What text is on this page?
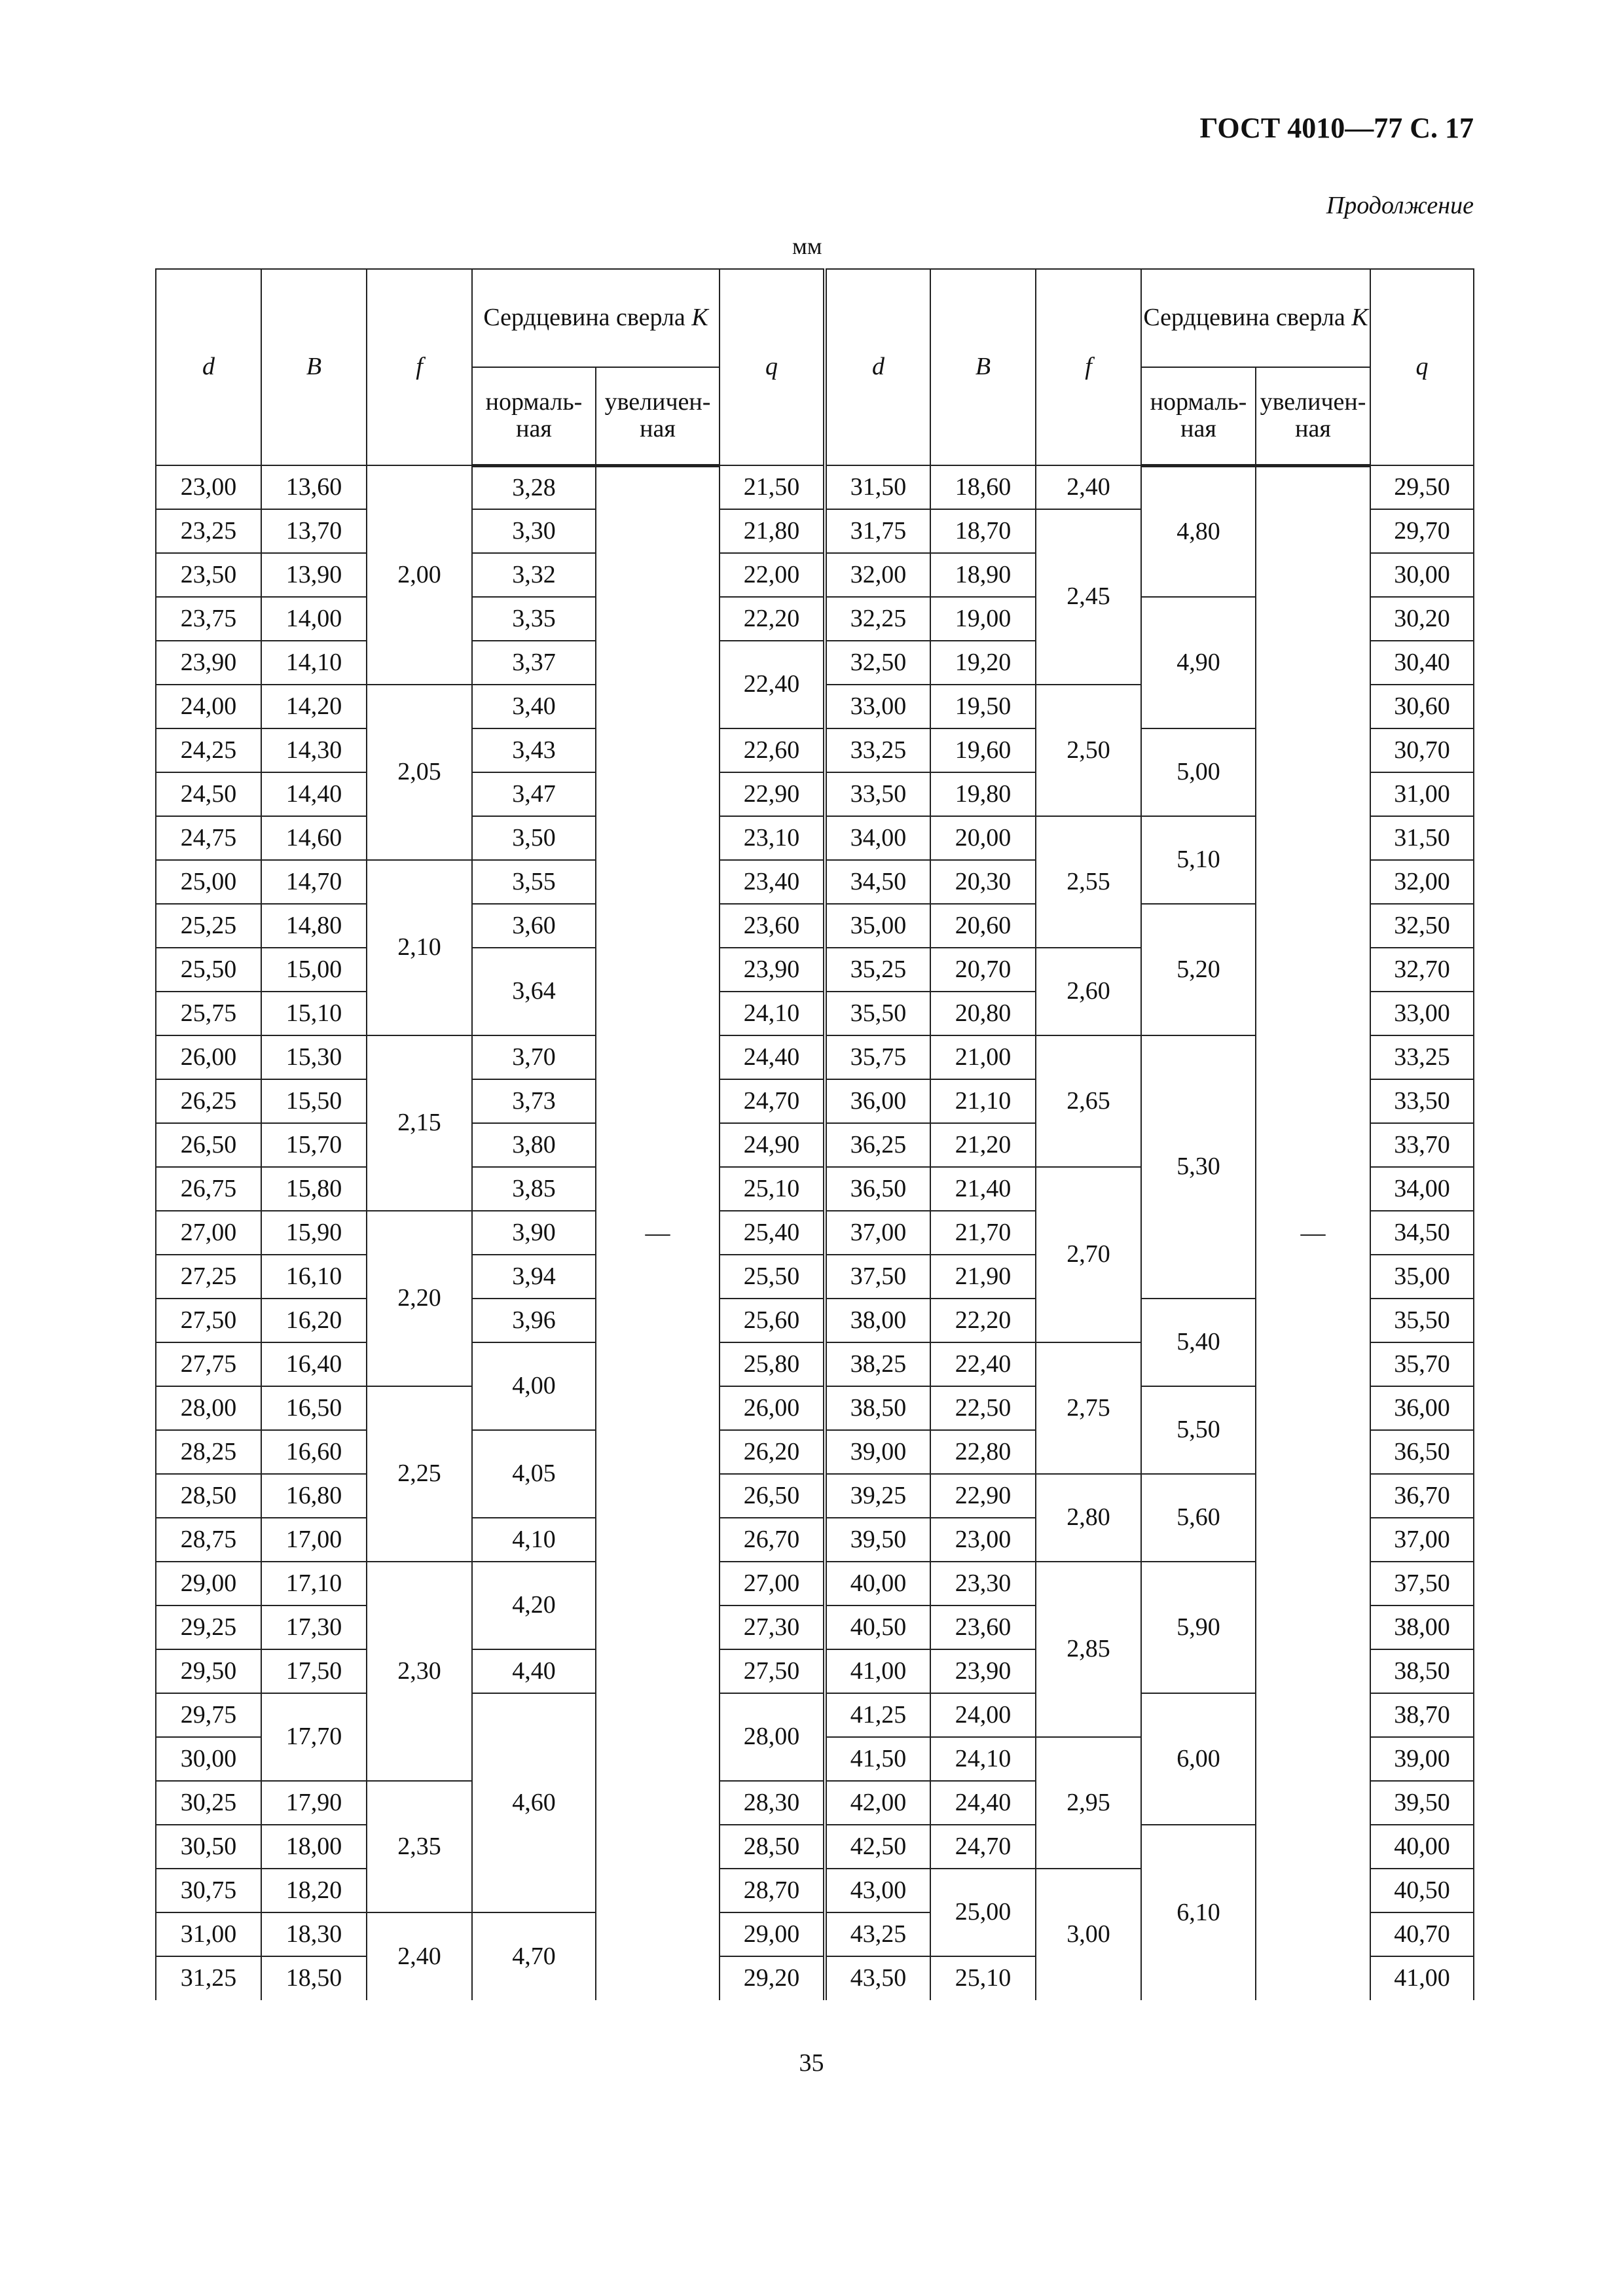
ГОСТ 4010—77 С. 17
Продолжение
мм
d	B	f	Сердцевина сверла K		q	d	B	f	Сердцевина сверла K		q
			нормаль-ная	увеличен-ная					нормаль-ная	увеличен-ная	
23,00	13,60	2,00	3,28	—	21,50	31,50	18,60	2,40	4,80	—	29,50
23,25	13,70		3,30		21,80	31,75	18,70	2,45			29,70
23,50	13,90		3,32		22,00	32,00	18,90				30,00
23,75	14,00		3,35		22,20	32,25	19,00		4,90		30,20
23,90	14,10		3,37		22,40	32,50	19,20				30,40
24,00	14,20	2,05	3,40			33,00	19,50	2,50			30,60
24,25	14,30		3,43		22,60	33,25	19,60		5,00		30,70
24,50	14,40		3,47		22,90	33,50	19,80				31,00
24,75	14,60		3,50		23,10	34,00	20,00	2,55	5,10		31,50
25,00	14,70	2,10	3,55		23,40	34,50	20,30				32,00
25,25	14,80		3,60		23,60	35,00	20,60		5,20		32,50
25,50	15,00		3,64		23,90	35,25	20,70	2,60			32,70
25,75	15,10				24,10	35,50	20,80				33,00
26,00	15,30	2,15	3,70		24,40	35,75	21,00	2,65	5,30		33,25
26,25	15,50		3,73		24,70	36,00	21,10				33,50
26,50	15,70		3,80		24,90	36,25	21,20				33,70
26,75	15,80		3,85		25,10	36,50	21,40	2,70			34,00
27,00	15,90	2,20	3,90		25,40	37,00	21,70				34,50
27,25	16,10		3,94		25,50	37,50	21,90				35,00
27,50	16,20		3,96		25,60	38,00	22,20		5,40		35,50
27,75	16,40		4,00		25,80	38,25	22,40	2,75			35,70
28,00	16,50	2,25			26,00	38,50	22,50		5,50		36,00
28,25	16,60		4,05		26,20	39,00	22,80				36,50
28,50	16,80				26,50	39,25	22,90	2,80	5,60		36,70
28,75	17,00		4,10		26,70	39,50	23,00				37,00
29,00	17,10	2,30	4,20		27,00	40,00	23,30	2,85	5,90		37,50
29,25	17,30				27,30	40,50	23,60				38,00
29,50	17,50		4,40		27,50	41,00	23,90				38,50
29,75	17,70		4,60		28,00	41,25	24,00		6,00		38,70
30,00						41,50	24,10	2,95			39,00
30,25	17,90	2,35			28,30	42,00	24,40				39,50
30,50	18,00				28,50	42,50	24,70		6,10		40,00
30,75	18,20				28,70	43,00	25,00	3,00			40,50
31,00	18,30	2,40	4,70		29,00	43,25					40,70
31,25	18,50				29,20	43,50	25,10				41,00
35
